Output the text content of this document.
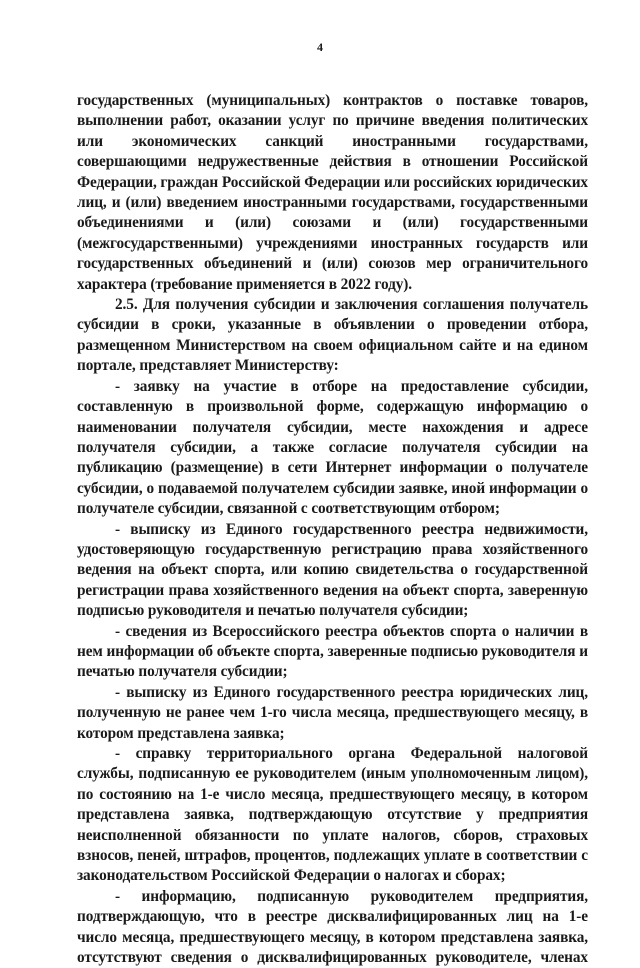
4

государственных (муниципальных) контрактов о поставке товаров, выполнении работ, оказании услуг по причине введения политических или экономических санкций иностранными государствами, совершающими недружественные действия в отношении Российской Федерации, граждан Российской Федерации или российских юридических лиц, и (или) введением иностранными государствами, государственными объединениями и (или) союзами и (или) государственными (межгосударственными) учреждениями иностранных государств или государственных объединений и (или) союзов мер ограничительного характера (требование применяется в 2022 году).

2.5. Для получения субсидии и заключения соглашения получатель субсидии в сроки, указанные в объявлении о проведении отбора, размещенном Министерством на своем официальном сайте и на едином портале, представляет Министерству:

- заявку на участие в отборе на предоставление субсидии, составленную в произвольной форме, содержащую информацию о наименовании получателя субсидии, месте нахождения и адресе получателя субсидии, а также согласие получателя субсидии на публикацию (размещение) в сети Интернет информации о получателе субсидии, о подаваемой получателем субсидии заявке, иной информации о получателе субсидии, связанной с соответствующим отбором;

- выписку из Единого государственного реестра недвижимости, удостоверяющую государственную регистрацию права хозяйственного ведения на объект спорта, или копию свидетельства о государственной регистрации права хозяйственного ведения на объект спорта, заверенную подписью руководителя и печатью получателя субсидии;

- сведения из Всероссийского реестра объектов спорта о наличии в нем информации об объекте спорта, заверенные подписью руководителя и печатью получателя субсидии;

- выписку из Единого государственного реестра юридических лиц, полученную не ранее чем 1-го числа месяца, предшествующего месяцу, в котором представлена заявка;

- справку территориального органа Федеральной налоговой службы, подписанную ее руководителем (иным уполномоченным лицом), по состоянию на 1-е число месяца, предшествующего месяцу, в котором представлена заявка, подтверждающую отсутствие у предприятия неисполненной обязанности по уплате налогов, сборов, страховых взносов, пеней, штрафов, процентов, подлежащих уплате в соответствии с законодательством Российской Федерации о налогах и сборах;

- информацию, подписанную руководителем предприятия, подтверждающую, что в реестре дисквалифицированных лиц на 1-е число месяца, предшествующего месяцу, в котором представлена заявка, отсутствуют сведения о дисквалифицированных руководителе, членах
